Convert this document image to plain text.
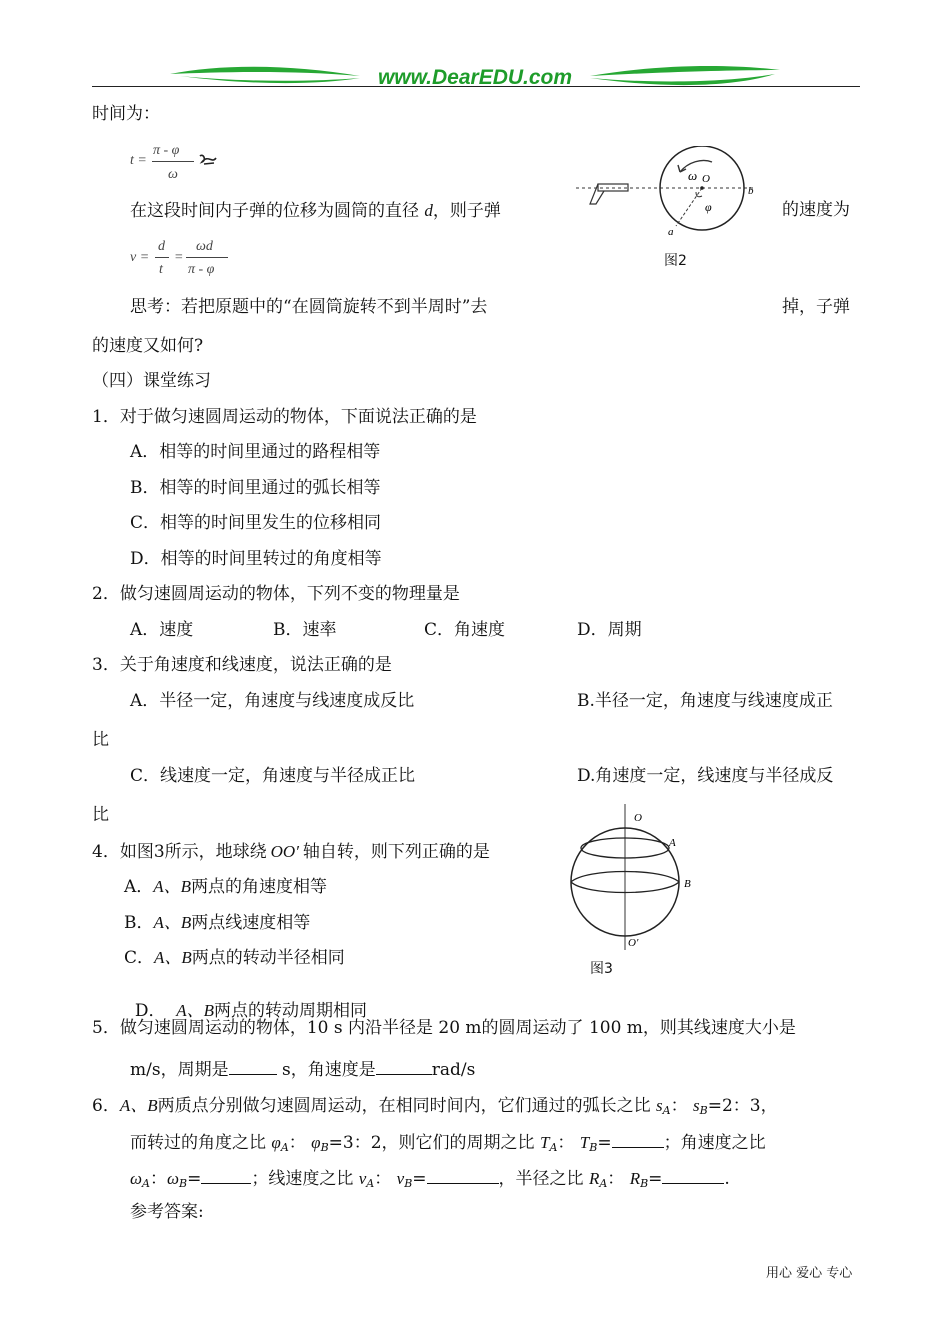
www.DearEDU.com
时间为：
t =
π - φ
ω
在这段时间内子弹的位移为圆筒的直径 d，则子弹	的速度为
v =
d
t
=
ωd
π - φ
ω O
φ
a
b
图2
思考：若把原题中的“在圆筒旋转不到半周时”去	掉，子弹
的速度又如何?
（四）课堂练习
1．对于做匀速圆周运动的物体，下面说法正确的是
A．相等的时间里通过的路程相等
B．相等的时间里通过的弧长相等
C．相等的时间里发生的位移相同
D．相等的时间里转过的角度相等
2．做匀速圆周运动的物体，下列不变的物理量是
A．速度	B．速率	C．角速度	D．周期
3．关于角速度和线速度，说法正确的是
A．半径一定，角速度与线速度成反比	B.半径一定，角速度与线速度成正
比
C．线速度一定，角速度与半径成正比	D.角速度一定，线速度与半径成反
比
4．如图3所示，地球绕 OO′ 轴自转，则下列正确的是
A．A、B两点的角速度相等
B．A、B两点线速度相等
C．A、B两点的转动半径相同

D．  A、B两点的转动周期相同

O
A
B
O′
图3
5．做匀速圆周运动的物体，10 s 内沿半径是 20 m的圆周运动了 100 m，则其线速度大小是
m/s，周期是	s，角速度是	rad/s
6．A、B两质点分别做匀速圆周运动，在相同时间内，它们通过的弧长之比 $s_A$： $s_B=2$：3，
而转过的角度之比 $\varphi_A$： $\varphi_B=3$：2，则它们的周期之比 $T_A$： $T_B=$	；角速度之比
$\omega_A$：$\omega_B=$	；线速度之比 $v_A$： $v_B=$	，半径之比 $R_A$： $R_B=$	.
参考答案:
用心 爱心 专心
